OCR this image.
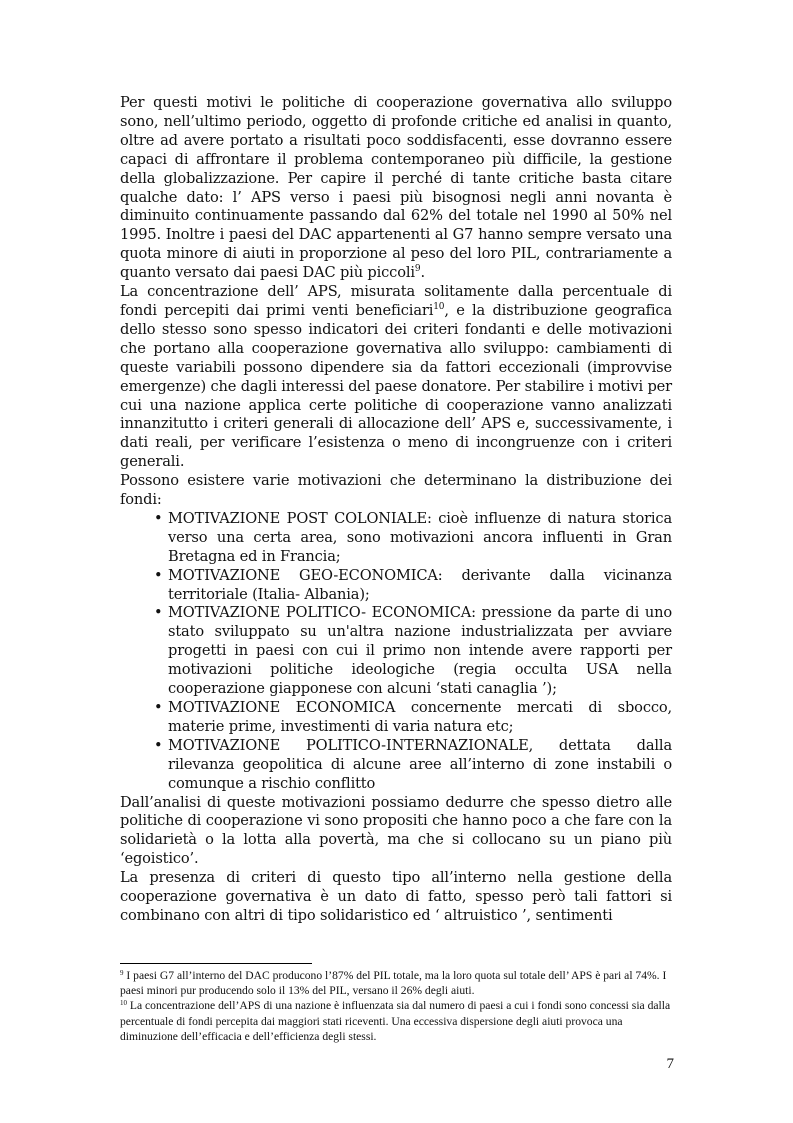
Per questi motivi le politiche di cooperazione governativa allo sviluppo sono, nell’ultimo periodo, oggetto di profonde critiche ed analisi in quanto, oltre ad avere portato a risultati poco soddisfacenti, esse dovranno essere capaci di affrontare il problema contemporaneo più difficile, la gestione della globalizzazione. Per capire il perché di tante critiche basta citare qualche dato: l’ APS verso i paesi più bisognosi negli anni novanta è diminuito continuamente passando dal 62% del totale nel 1990 al 50% nel 1995. Inoltre i paesi del DAC appartenenti al G7 hanno sempre versato una quota minore di aiuti in proporzione al peso del loro PIL, contrariamente a quanto versato dai paesi DAC più piccoli$^9$.

La concentrazione dell’ APS, misurata solitamente dalla percentuale di fondi percepiti dai primi venti beneficiari$^{10}$, e la distribuzione geografica dello stesso sono spesso indicatori dei criteri fondanti e delle motivazioni che portano alla cooperazione governativa allo sviluppo: cambiamenti di queste variabili possono dipendere sia da fattori eccezionali (improvvise emergenze) che dagli interessi del paese donatore. Per stabilire i motivi per cui una nazione applica certe politiche di cooperazione vanno analizzati innanzitutto i criteri generali di allocazione dell’ APS e, successivamente, i dati reali, per verificare l’esistenza o meno di incongruenze con i criteri generali.

Possono esistere varie motivazioni che determinano la distribuzione dei fondi:

• MOTIVAZIONE POST COLONIALE: cioè influenze di natura storica verso una certa area, sono motivazioni ancora influenti in Gran Bretagna ed in Francia;
• MOTIVAZIONE GEO-ECONOMICA: derivante dalla vicinanza territoriale (Italia- Albania);
• MOTIVAZIONE POLITICO- ECONOMICA: pressione da parte di uno stato sviluppato su un'altra nazione industrializzata per avviare progetti in paesi con cui il primo non intende avere rapporti per motivazioni politiche ideologiche (regia occulta USA nella cooperazione giapponese con alcuni ‘stati canaglia ’);
• MOTIVAZIONE ECONOMICA concernente mercati di sbocco, materie prime, investimenti di varia natura etc;
• MOTIVAZIONE POLITICO-INTERNAZIONALE, dettata dalla rilevanza geopolitica di alcune aree all’interno di zone instabili o comunque a rischio conflitto

Dall’analisi di queste motivazioni possiamo dedurre che spesso dietro alle politiche di cooperazione vi sono propositi che hanno poco a che fare con la solidarietà o la lotta alla povertà, ma che si collocano su un piano più ‘egoistico’.

La presenza di criteri di questo tipo all’interno nella gestione della cooperazione governativa è un dato di fatto, spesso però tali fattori si combinano con altri di tipo solidaristico ed ‘ altruistico ’, sentimenti

$^9$ I paesi G7 all’interno del DAC producono l’87% del PIL totale, ma la loro quota sul totale dell’ APS è pari al 74%. I paesi minori pur producendo solo il 13% del PIL, versano il 26% degli aiuti.

$^{10}$ La concentrazione dell’APS di una nazione è influenzata sia dal numero di paesi a cui i fondi sono concessi sia dalla percentuale di fondi percepita dai maggiori stati riceventi. Una eccessiva dispersione degli aiuti provoca una diminuzione dell’efficacia e dell’efficienza degli stessi.

7
